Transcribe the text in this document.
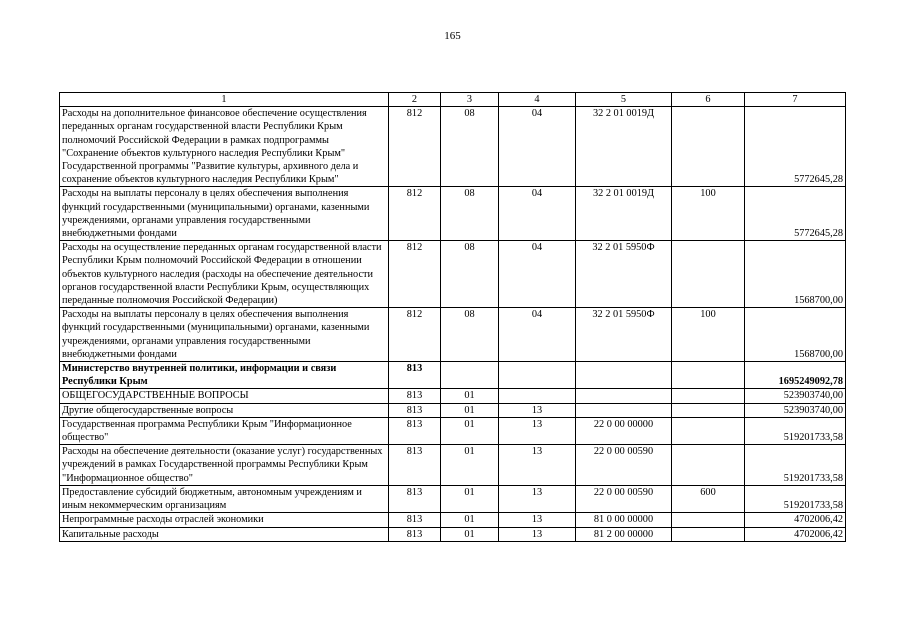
165
1	2	3	4	5	6	7
Расходы на дополнительное финансовое обеспечение осуществления переданных органам государственной власти Республики Крым полномочий Российской Федерации в рамках подпрограммы "Сохранение объектов культурного наследия Республики Крым" Государственной программы "Развитие культуры, архивного дела и сохранение объектов культурного наследия Республики Крым"	812	08	04	32 2 01 0019Д		5772645,28
Расходы на выплаты персоналу в целях обеспечения выполнения функций государственными (муниципальными) органами, казенными учреждениями, органами управления государственными внебюджетными фондами	812	08	04	32 2 01 0019Д	100	5772645,28
Расходы на осуществление переданных органам государственной власти Республики Крым полномочий Российской Федерации в отношении объектов культурного наследия (расходы на обеспечение деятельности органов государственной власти Республики Крым, осуществляющих переданные полномочия Российской Федерации)	812	08	04	32 2 01 5950Ф		1568700,00
Расходы на выплаты персоналу в целях обеспечения выполнения функций государственными (муниципальными) органами, казенными учреждениями, органами управления государственными внебюджетными фондами	812	08	04	32 2 01 5950Ф	100	1568700,00
Министерство внутренней политики, информации и связи Республики Крым	813					1695249092,78
ОБЩЕГОСУДАРСТВЕННЫЕ ВОПРОСЫ	813	01				523903740,00
Другие общегосударственные вопросы	813	01	13			523903740,00
Государственная программа Республики Крым "Информационное общество"	813	01	13	22 0 00 00000		519201733,58
Расходы на обеспечение деятельности (оказание услуг) государственных учреждений в рамках Государственной программы Республики Крым "Информационное общество"	813	01	13	22 0 00 00590		519201733,58
Предоставление субсидий бюджетным, автономным учреждениям и иным некоммерческим организациям	813	01	13	22 0 00 00590	600	519201733,58
Непрограммные расходы отраслей экономики	813	01	13	81 0 00 00000		4702006,42
Капитальные расходы	813	01	13	81 2 00 00000		4702006,42
